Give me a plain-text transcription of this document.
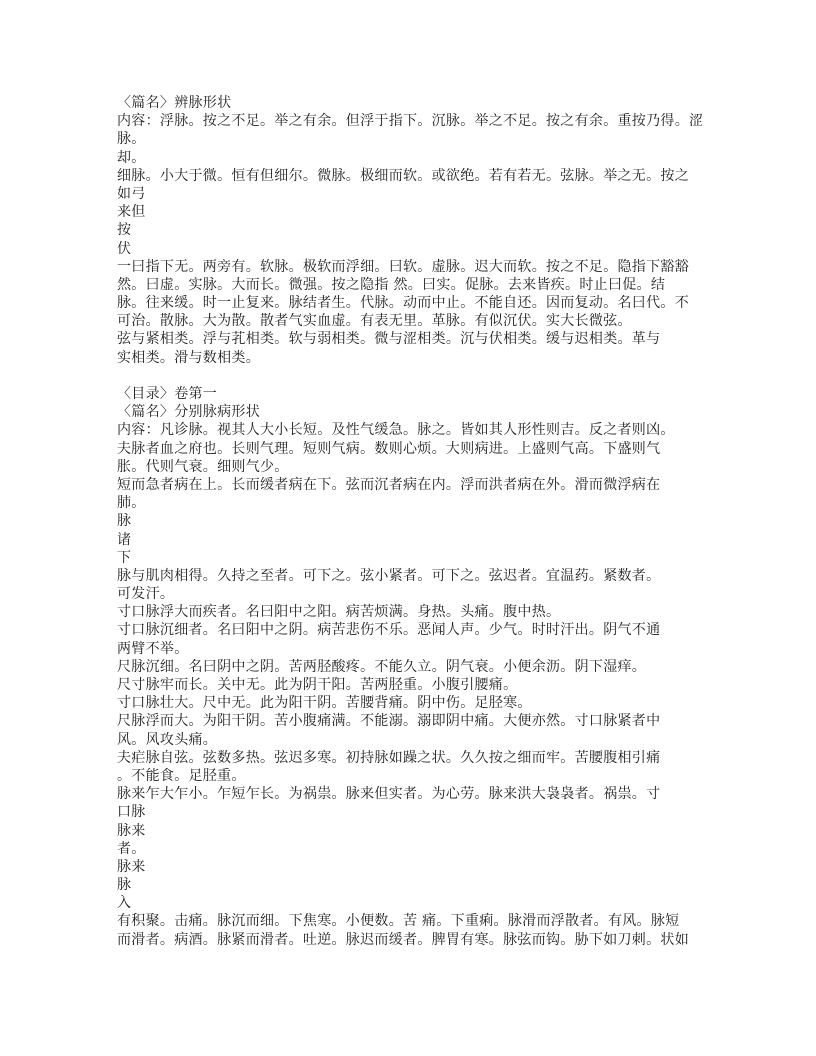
〈篇名〉辨脉形状
内容：浮脉。按之不足。举之有余。但浮于指下。沉脉。举之不足。按之有余。重按乃得。涩
脉。
却。
细脉。小大于微。恒有但细尔。微脉。极细而软。或欲绝。若有若无。弦脉。举之无。按之
如弓
来但
按
伏
一曰指下无。两旁有。软脉。极软而浮细。曰软。虚脉。迟大而软。按之不足。隐指下豁豁
然。曰虚。实脉。大而长。微强。按之隐指 然。曰实。促脉。去来皆疾。时止曰促。结
脉。往来缓。时一止复来。脉结者生。代脉。动而中止。不能自还。因而复动。名曰代。不
可治。散脉。大为散。散者气实血虚。有表无里。革脉。有似沉伏。实大长微弦。
弦与紧相类。浮与芤相类。软与弱相类。微与涩相类。沉与伏相类。缓与迟相类。革与
实相类。滑与数相类。
〈目录〉卷第一
〈篇名〉分别脉病形状
内容：凡诊脉。视其人大小长短。及性气缓急。脉之。皆如其人形性则吉。反之者则凶。
夫脉者血之府也。长则气理。短则气病。数则心烦。大则病进。上盛则气高。下盛则气
胀。代则气衰。细则气少。
短而急者病在上。长而缓者病在下。弦而沉者病在内。浮而洪者病在外。滑而微浮病在
肺。
脉
诸
下
脉与肌肉相得。久持之至者。可下之。弦小紧者。可下之。弦迟者。宜温药。紧数者。
可发汗。
寸口脉浮大而疾者。名曰阳中之阳。病苦烦满。身热。头痛。腹中热。
寸口脉沉细者。名曰阳中之阴。病苦悲伤不乐。恶闻人声。少气。时时汗出。阴气不通
两臂不举。
尺脉沉细。名曰阴中之阴。苦两胫酸疼。不能久立。阴气衰。小便余沥。阴下湿痒。
尺寸脉牢而长。关中无。此为阴干阳。苦两胫重。小腹引腰痛。
寸口脉壮大。尺中无。此为阳干阴。苦腰背痛。阴中伤。足胫寒。
尺脉浮而大。为阳干阴。苦小腹痛满。不能溺。溺即阴中痛。大便亦然。寸口脉紧者中
风。风攻头痛。
夫疟脉自弦。弦数多热。弦迟多寒。初持脉如躁之状。久久按之细而牢。苦腰腹相引痛
。不能食。足胫重。
脉来乍大乍小。乍短乍长。为祸祟。脉来但实者。为心劳。脉来洪大袅袅者。祸祟。寸
口脉
脉来
者。
脉来
脉
入
有积聚。击痛。脉沉而细。下焦寒。小便数。苦 痛。下重痢。脉滑而浮散者。有风。脉短
而滑者。病酒。脉紧而滑者。吐逆。脉迟而缓者。脾胃有寒。脉弦而钩。胁下如刀刺。状如
